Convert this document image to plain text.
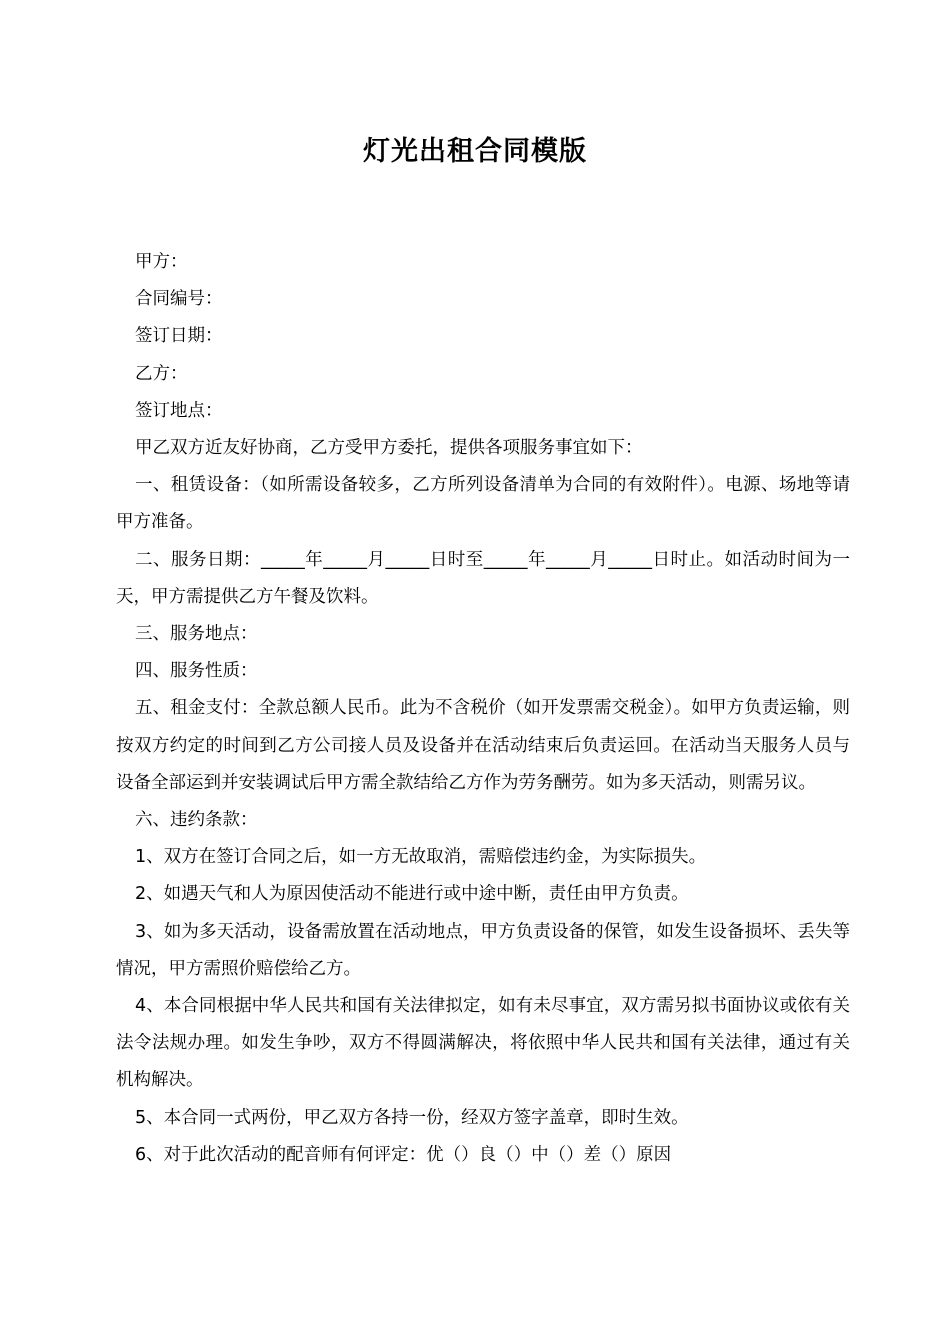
灯光出租合同模版

甲方：

合同编号：

签订日期：

乙方：

签订地点：

甲乙双方近友好协商，乙方受甲方委托，提供各项服务事宜如下：

一、租赁设备：（如所需设备较多，乙方所列设备清单为合同的有效附件）。电源、场地等请甲方准备。

二、服务日期：_____年_____月_____日时至_____年_____月_____日时止。如活动时间为一天，甲方需提供乙方午餐及饮料。

三、服务地点：

四、服务性质：

五、租金支付：全款总额人民币。此为不含税价（如开发票需交税金）。如甲方负责运输，则按双方约定的时间到乙方公司接人员及设备并在活动结束后负责运回。在活动当天服务人员与设备全部运到并安装调试后甲方需全款结给乙方作为劳务酬劳。如为多天活动，则需另议。

六、违约条款：

1、双方在签订合同之后，如一方无故取消，需赔偿违约金，为实际损失。

2、如遇天气和人为原因使活动不能进行或中途中断，责任由甲方负责。

3、如为多天活动，设备需放置在活动地点，甲方负责设备的保管，如发生设备损坏、丢失等情况，甲方需照价赔偿给乙方。

4、本合同根据中华人民共和国有关法律拟定，如有未尽事宜，双方需另拟书面协议或依有关法令法规办理。如发生争吵，双方不得圆满解决，将依照中华人民共和国有关法律，通过有关机构解决。

5、本合同一式两份，甲乙双方各持一份，经双方签字盖章，即时生效。

6、对于此次活动的配音师有何评定：优（）良（）中（）差（）原因
